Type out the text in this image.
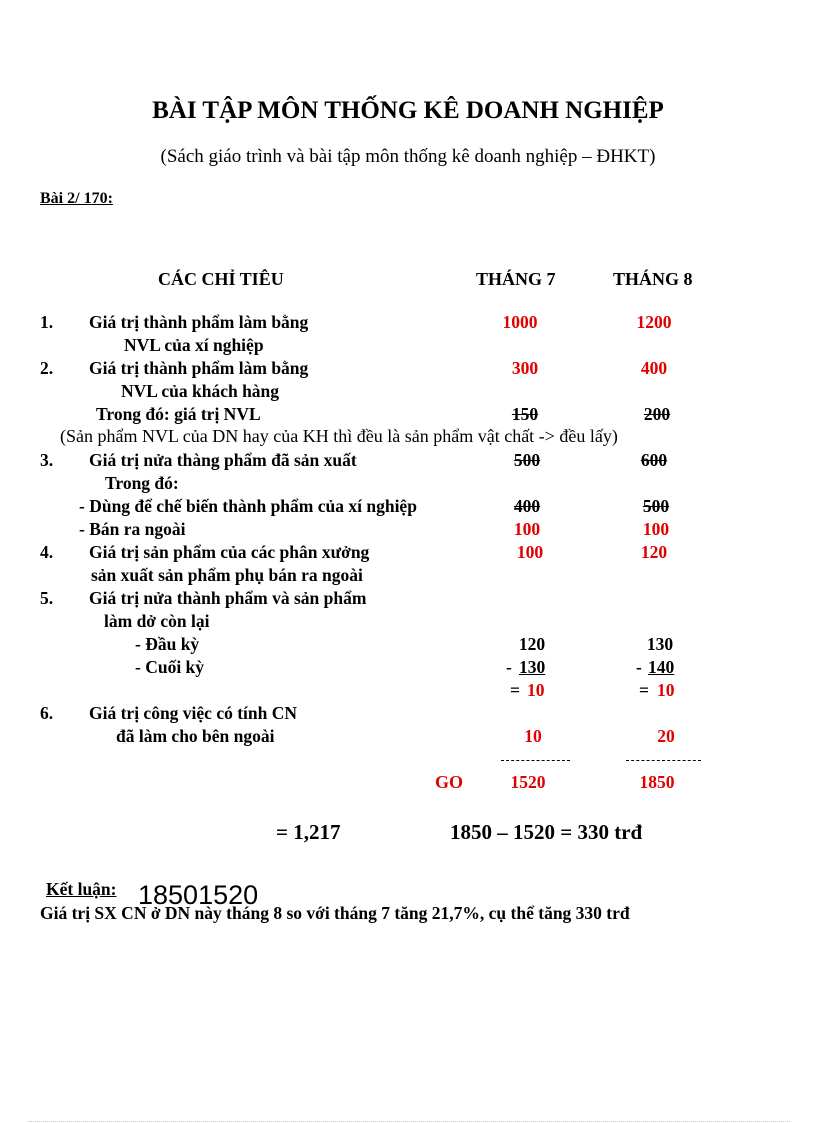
BÀI TẬP MÔN THỐNG KÊ DOANH NGHIỆP
(Sách giáo trình và bài tập môn thống kê doanh nghiệp – ĐHKT)
Bài 2/ 170:
CÁC CHỈ TIÊU	THÁNG 7	THÁNG 8
1. Giá trị thành phẩm làm bằng
NVL của xí nghiệp
1000	1200
2. Giá trị thành phẩm làm bằng
NVL của khách hàng
300	400
Trong đó: giá trị NVL	150	200
(Sản phẩm NVL của DN hay của KH thì đều là sản phẩm vật chất -> đều lấy)
3. Giá trị nửa thàng phẩm đã sản xuất	500	600
Trong đó:
- Dùng để chế biến thành phẩm của xí nghiệp	400	500
- Bán ra ngoài	100	100
4. Giá trị sản phẩm của các phân xưởng
sản xuất sản phẩm phụ bán ra ngoài
100	120
5. Giá trị nửa thành phẩm và sản phẩm
làm dở còn lại
- Đầu kỳ	120	130
- Cuối kỳ	- 130	- 140
= 10	= 10
6. Giá trị công việc có tính CN
đã làm cho bên ngoài	10	20
GO	1520	1850
= 1,217	1850 – 1520 = 330 trđ
Kết luận: 18501520
Giá trị SX CN ở DN này tháng 8 so với tháng 7 tăng 21,7%, cụ thể tăng 330 trđ
